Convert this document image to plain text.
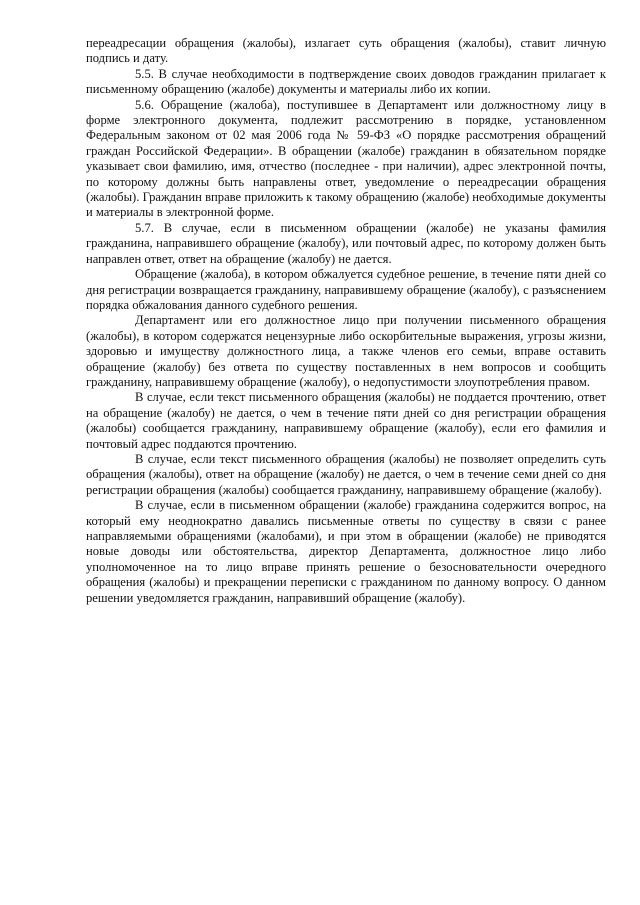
переадресации обращения (жалобы), излагает суть обращения (жалобы), ставит личную подпись и дату.

5.5. В случае необходимости в подтверждение своих доводов гражданин прилагает к письменному обращению (жалобе) документы и материалы либо их копии.

5.6. Обращение (жалоба), поступившее в Департамент или должностному лицу в форме электронного документа, подлежит рассмотрению в порядке, установленном Федеральным законом от 02 мая 2006 года № 59-ФЗ «О порядке рассмотрения обращений граждан Российской Федерации». В обращении (жалобе) гражданин в обязательном порядке указывает свои фамилию, имя, отчество (последнее - при наличии), адрес электронной почты, по которому должны быть направлены ответ, уведомление о переадресации обращения (жалобы). Гражданин вправе приложить к такому обращению (жалобе) необходимые документы и материалы в электронной форме.

5.7. В случае, если в письменном обращении (жалобе) не указаны фамилия гражданина, направившего обращение (жалобу), или почтовый адрес, по которому должен быть направлен ответ, ответ на обращение (жалобу) не дается.

Обращение (жалоба), в котором обжалуется судебное решение, в течение пяти дней со дня регистрации возвращается гражданину, направившему обращение (жалобу), с разъяснением порядка обжалования данного судебного решения.

Департамент или его должностное лицо при получении письменного обращения (жалобы), в котором содержатся нецензурные либо оскорбительные выражения, угрозы жизни, здоровью и имуществу должностного лица, а также членов его семьи, вправе оставить обращение (жалобу) без ответа по существу поставленных в нем вопросов и сообщить гражданину, направившему обращение (жалобу), о недопустимости злоупотребления правом.

В случае, если текст письменного обращения (жалобы) не поддается прочтению, ответ на обращение (жалобу) не дается, о чем в течение пяти дней со дня регистрации обращения (жалобы) сообщается гражданину, направившему обращение (жалобу), если его фамилия и почтовый адрес поддаются прочтению.

В случае, если текст письменного обращения (жалобы) не позволяет определить суть обращения (жалобы), ответ на обращение (жалобу) не дается, о чем в течение семи дней со дня регистрации обращения (жалобы) сообщается гражданину, направившему обращение (жалобу).

В случае, если в письменном обращении (жалобе) гражданина содержится вопрос, на который ему неоднократно давались письменные ответы по существу в связи с ранее направляемыми обращениями (жалобами), и при этом в обращении (жалобе) не приводятся новые доводы или обстоятельства, директор Департамента, должностное лицо либо уполномоченное на то лицо вправе принять решение о безосновательности очередного обращения (жалобы) и прекращении переписки с гражданином по данному вопросу. О данном решении уведомляется гражданин, направивший обращение (жалобу).
